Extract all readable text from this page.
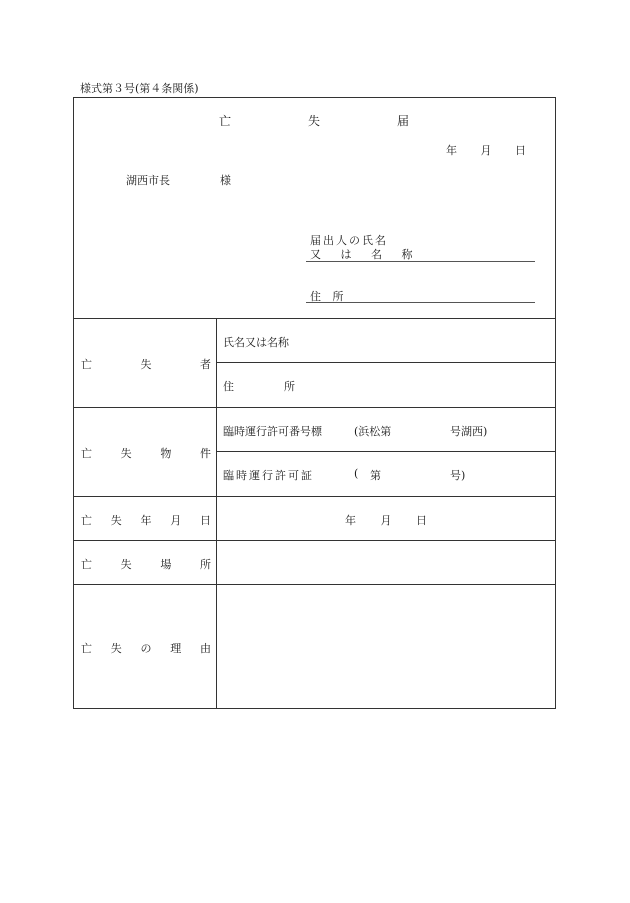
様式第３号(第４条関係)
亡	失	届
年 月 日
湖西市長	様
届出人の氏名
又 は 名 称
住 所
亡	失	者
氏名又は名称
住	所
亡	失	物	件
臨時運行許可番号標	(浜松第	号湖西)
臨時運行許可証	( 第	号)
亡 失 年 月 日	年 月 日
亡	失	場	所
亡 失 の 理 由
